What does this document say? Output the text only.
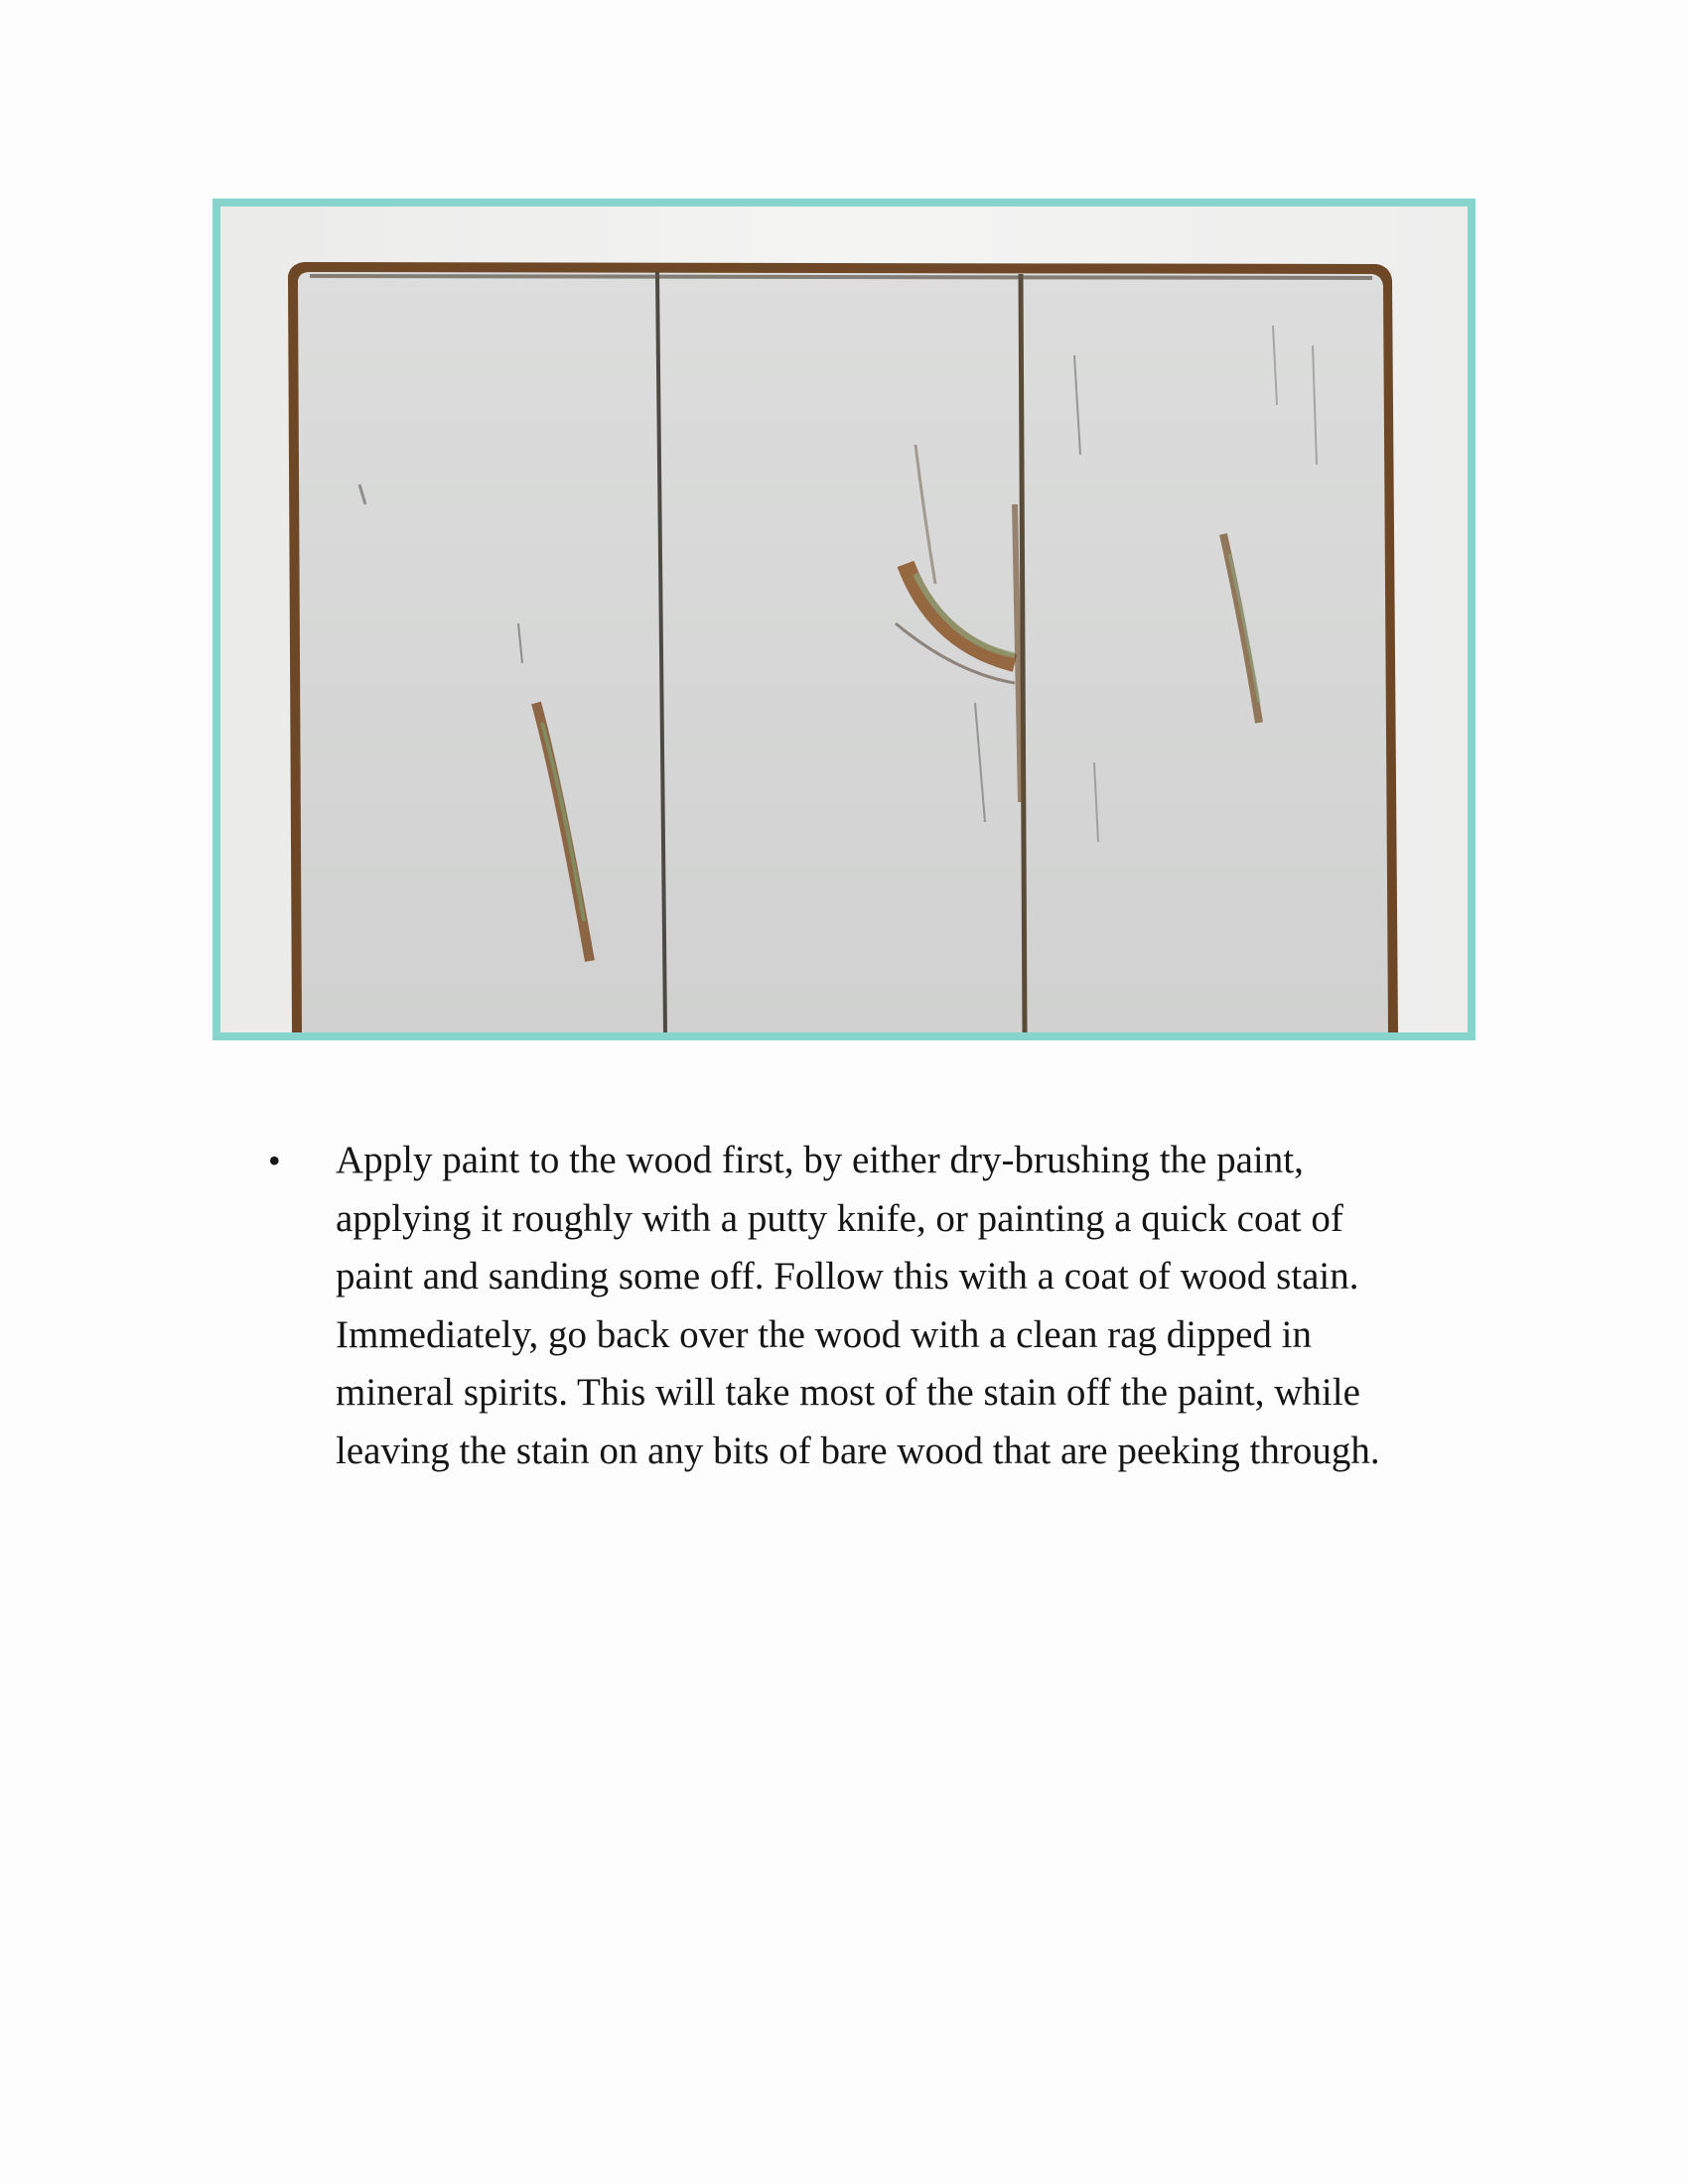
• Apply paint to the wood first, by either dry-brushing the paint,
applying it roughly with a putty knife, or painting a quick coat of
paint and sanding some off. Follow this with a coat of wood stain.
Immediately, go back over the wood with a clean rag dipped in
mineral spirits. This will take most of the stain off the paint, while
leaving the stain on any bits of bare wood that are peeking through.
